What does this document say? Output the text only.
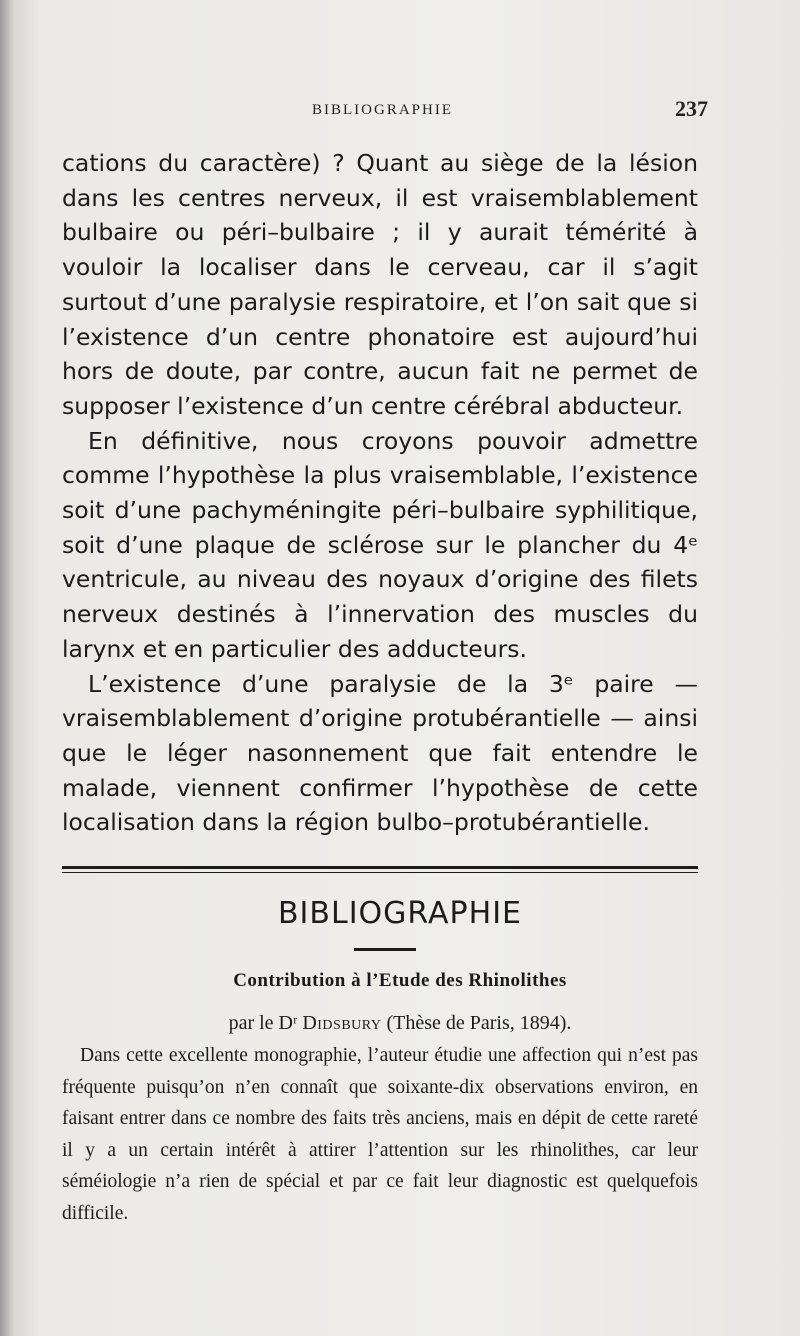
BIBLIOGRAPHIE	237

cations du caractère) ? Quant au siège de la lésion dans les centres nerveux, il est vraisemblablement bulbaire ou péri–bulbaire ; il y aurait témérité à vouloir la localiser dans le cerveau, car il s’agit surtout d’une paralysie respiratoire, et l’on sait que si l’existence d’un centre phonatoire est aujourd’hui hors de doute, par contre, aucun fait ne permet de supposer l’existence d’un centre cérébral abducteur.

En définitive, nous croyons pouvoir admettre comme l’hypothèse la plus vraisemblable, l’existence soit d’une pachyméningite péri–bulbaire syphilitique, soit d’une plaque de sclérose sur le plancher du 4ᵉ ventricule, au niveau des noyaux d’origine des filets nerveux destinés à l’innervation des muscles du larynx et en particulier des adducteurs.

L’existence d’une paralysie de la 3ᵉ paire — vraisemblablement d’origine protubérantielle — ainsi que le léger nasonnement que fait entendre le malade, viennent confirmer l’hypothèse de cette localisation dans la région bulbo–protubérantielle.

BIBLIOGRAPHIE
Contribution à l’Etude des Rhinolithes
par le Dʳ Didsbury (Thèse de Paris, 1894).
Dans cette excellente monographie, l’auteur étudie une affection qui n’est pas fréquente puisqu’on n’en connaît que soixante-dix observations environ, en faisant entrer dans ce nombre des faits très anciens, mais en dépit de cette rareté il y a un certain intérêt à attirer l’attention sur les rhinolithes, car leur séméiologie n’a rien de spécial et par ce fait leur diagnostic est quelquefois difficile.
